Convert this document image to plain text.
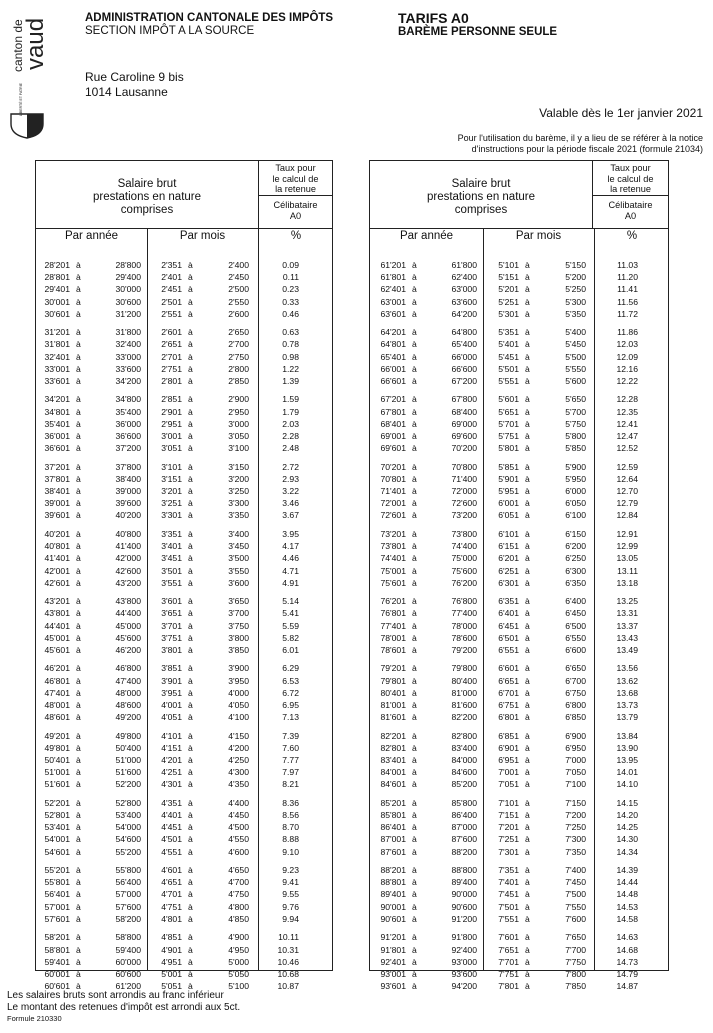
canton de
vaud
LIBERTÉ ET PATRIE
ADMINISTRATION CANTONALE DES IMPÔTS
SECTION IMPÔT A LA SOURCE
Rue Caroline 9 bis
1014 Lausanne
TARIFS A0
BARÈME PERSONNE SEULE
Valable dès le 1er janvier 2021
Pour l'utilisation du barème, il y a lieu de se référer à la notice
d'instructions pour la période fiscale 2021 (formule 21034)
Salaire brut
prestations en nature
comprises
Taux pour
le calcul de
la retenue
Célibataire
A0
Par année	Par mois	%
28'201 à	28'800 2'351 à	2'400	0.09
28'801 à	29'400 2'401 à	2'450	0.11
29'401 à	30'000 2'451 à	2'500	0.23
30'001 à	30'600 2'501 à	2'550	0.33
30'601 à	31'200 2'551 à	2'600	0.46
31'201 à	31'800 2'601 à	2'650	0.63
31'801 à	32'400 2'651 à	2'700	0.78
32'401 à	33'000 2'701 à	2'750	0.98
33'001 à	33'600 2'751 à	2'800	1.22
33'601 à	34'200 2'801 à	2'850	1.39
34'201 à	34'800 2'851 à	2'900	1.59
34'801 à	35'400 2'901 à	2'950	1.79
35'401 à	36'000 2'951 à	3'000	2.03
36'001 à	36'600 3'001 à	3'050	2.28
36'601 à	37'200 3'051 à	3'100	2.48
37'201 à	37'800 3'101 à	3'150	2.72
37'801 à	38'400 3'151 à	3'200	2.93
38'401 à	39'000 3'201 à	3'250	3.22
39'001 à	39'600 3'251 à	3'300	3.46
39'601 à	40'200 3'301 à	3'350	3.67
40'201 à	40'800 3'351 à	3'400	3.95
40'801 à	41'400 3'401 à	3'450	4.17
41'401 à	42'000 3'451 à	3'500	4.46
42'001 à	42'600 3'501 à	3'550	4.71
42'601 à	43'200 3'551 à	3'600	4.91
43'201 à	43'800 3'601 à	3'650	5.14
43'801 à	44'400 3'651 à	3'700	5.41
44'401 à	45'000 3'701 à	3'750	5.59
45'001 à	45'600 3'751 à	3'800	5.82
45'601 à	46'200 3'801 à	3'850	6.01
46'201 à	46'800 3'851 à	3'900	6.29
46'801 à	47'400 3'901 à	3'950	6.53
47'401 à	48'000 3'951 à	4'000	6.72
48'001 à	48'600 4'001 à	4'050	6.95
48'601 à	49'200 4'051 à	4'100	7.13
49'201 à	49'800 4'101 à	4'150	7.39
49'801 à	50'400 4'151 à	4'200	7.60
50'401 à	51'000 4'201 à	4'250	7.77
51'001 à	51'600 4'251 à	4'300	7.97
51'601 à	52'200 4'301 à	4'350	8.21
52'201 à	52'800 4'351 à	4'400	8.36
52'801 à	53'400 4'401 à	4'450	8.56
53'401 à	54'000 4'451 à	4'500	8.70
54'001 à	54'600 4'501 à	4'550	8.88
54'601 à	55'200 4'551 à	4'600	9.10
55'201 à	55'800 4'601 à	4'650	9.23
55'801 à	56'400 4'651 à	4'700	9.41
56'401 à	57'000 4'701 à	4'750	9.55
57'001 à	57'600 4'751 à	4'800	9.76
57'601 à	58'200 4'801 à	4'850	9.94
58'201 à	58'800 4'851 à	4'900	10.11
58'801 à	59'400 4'901 à	4'950	10.31
59'401 à	60'000 4'951 à	5'000	10.46
60'001 à	60'600 5'001 à	5'050	10.68
60'601 à	61'200 5'051 à	5'100	10.87
Salaire brut
prestations en nature
comprises
Taux pour
le calcul de
la retenue
Célibataire
A0
Par année	Par mois	%
61'201 à	61'800 5'101 à	5'150	11.03
61'801 à	62'400 5'151 à	5'200	11.20
62'401 à	63'000 5'201 à	5'250	11.41
63'001 à	63'600 5'251 à	5'300	11.56
63'601 à	64'200 5'301 à	5'350	11.72
64'201 à	64'800 5'351 à	5'400	11.86
64'801 à	65'400 5'401 à	5'450	12.03
65'401 à	66'000 5'451 à	5'500	12.09
66'001 à	66'600 5'501 à	5'550	12.16
66'601 à	67'200 5'551 à	5'600	12.22
67'201 à	67'800 5'601 à	5'650	12.28
67'801 à	68'400 5'651 à	5'700	12.35
68'401 à	69'000 5'701 à	5'750	12.41
69'001 à	69'600 5'751 à	5'800	12.47
69'601 à	70'200 5'801 à	5'850	12.52
70'201 à	70'800 5'851 à	5'900	12.59
70'801 à	71'400 5'901 à	5'950	12.64
71'401 à	72'000 5'951 à	6'000	12.70
72'001 à	72'600 6'001 à	6'050	12.79
72'601 à	73'200 6'051 à	6'100	12.84
73'201 à	73'800 6'101 à	6'150	12.91
73'801 à	74'400 6'151 à	6'200	12.99
74'401 à	75'000 6'201 à	6'250	13.05
75'001 à	75'600 6'251 à	6'300	13.11
75'601 à	76'200 6'301 à	6'350	13.18
76'201 à	76'800 6'351 à	6'400	13.25
76'801 à	77'400 6'401 à	6'450	13.31
77'401 à	78'000 6'451 à	6'500	13.37
78'001 à	78'600 6'501 à	6'550	13.43
78'601 à	79'200 6'551 à	6'600	13.49
79'201 à	79'800 6'601 à	6'650	13.56
79'801 à	80'400 6'651 à	6'700	13.62
80'401 à	81'000 6'701 à	6'750	13.68
81'001 à	81'600 6'751 à	6'800	13.73
81'601 à	82'200 6'801 à	6'850	13.79
82'201 à	82'800 6'851 à	6'900	13.84
82'801 à	83'400 6'901 à	6'950	13.90
83'401 à	84'000 6'951 à	7'000	13.95
84'001 à	84'600 7'001 à	7'050	14.01
84'601 à	85'200 7'051 à	7'100	14.10
85'201 à	85'800 7'101 à	7'150	14.15
85'801 à	86'400 7'151 à	7'200	14.20
86'401 à	87'000 7'201 à	7'250	14.25
87'001 à	87'600 7'251 à	7'300	14.30
87'601 à	88'200 7'301 à	7'350	14.34
88'201 à	88'800 7'351 à	7'400	14.39
88'801 à	89'400 7'401 à	7'450	14.44
89'401 à	90'000 7'451 à	7'500	14.48
90'001 à	90'600 7'501 à	7'550	14.53
90'601 à	91'200 7'551 à	7'600	14.58
91'201 à	91'800 7'601 à	7'650	14.63
91'801 à	92'400 7'651 à	7'700	14.68
92'401 à	93'000 7'701 à	7'750	14.73
93'001 à	93'600 7'751 à	7'800	14.79
93'601 à	94'200 7'801 à	7'850	14.87
Les salaires bruts sont arrondis au franc inférieur
Le montant des retenues d'impôt est arrondi aux 5ct.
Formule 210330
